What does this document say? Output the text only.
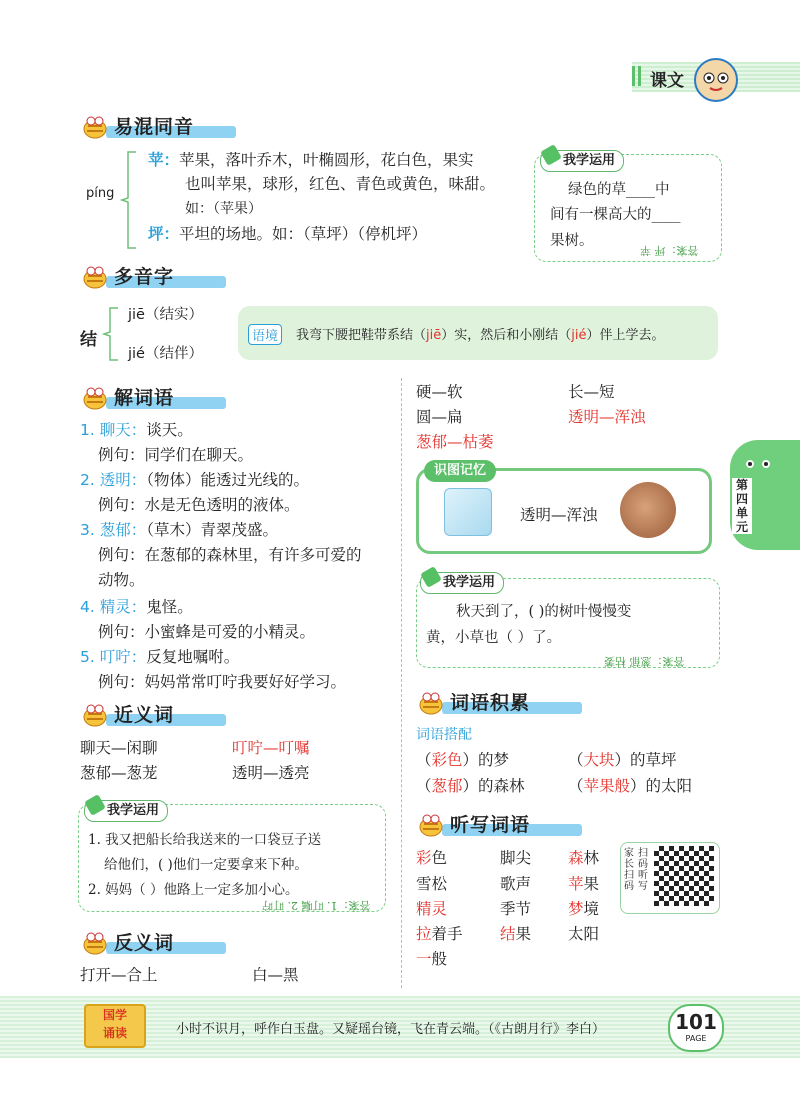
课文
易混同音
píng
苹：苹果，落叶乔木，叶椭圆形，花白色，果实
也叫苹果，球形，红色、青色或黄色，味甜。
如：（苹果）
坪：平坦的场地。如：（草坪）（停机坪）
我学运用
绿色的草____中
间有一棵高大的____
果树。
答案：坪 苹
多音字
结
jiē（结实）
jié（结伴）
语境	我弯下腰把鞋带系结（jiē）实，然后和小刚结（jié）伴上学去。
解词语
1. 聊天：谈天。
例句：同学们在聊天。
2. 透明：（物体）能透过光线的。
例句：水是无色透明的液体。
3. 葱郁：（草木）青翠茂盛。
例句：在葱郁的森林里，有许多可爱的
动物。
4. 精灵：鬼怪。
例句：小蜜蜂是可爱的小精灵。
5. 叮咛：反复地嘱咐。
例句：妈妈常常叮咛我要好好学习。
近义词
聊天—闲聊	叮咛—叮嘱
葱郁—葱茏	透明—透亮
我学运用
1. 我又把船长给我送来的一口袋豆子送
给他们，( )他们一定要拿来下种。
2. 妈妈（ ）他路上一定多加小心。
答案：1. 叮嘱 2. 叮咛
反义词
打开—合上	白—黑
硬—软	长—短
圆—扁	透明—浑浊
葱郁—枯萎
识图记忆
透明—浑浊
我学运用
秋天到了，( )的树叶慢慢变
黄，小草也（ ）了。
答案：葱郁 枯萎
词语积累
词语搭配
（彩色）的梦	（大块）的草坪
（葱郁）的森林	（苹果般）的太阳
听写词语
彩色	脚尖 森林
雪松	歌声 苹果
精灵	季节 梦境
拉着手 结果 太阳
一般
家长扫码
扫码听写
第
四
单
元
国学
诵读	小时不识月，呼作白玉盘。又疑瑶台镜，飞在青云端。（《古朗月行》李白）	101
PAGE
